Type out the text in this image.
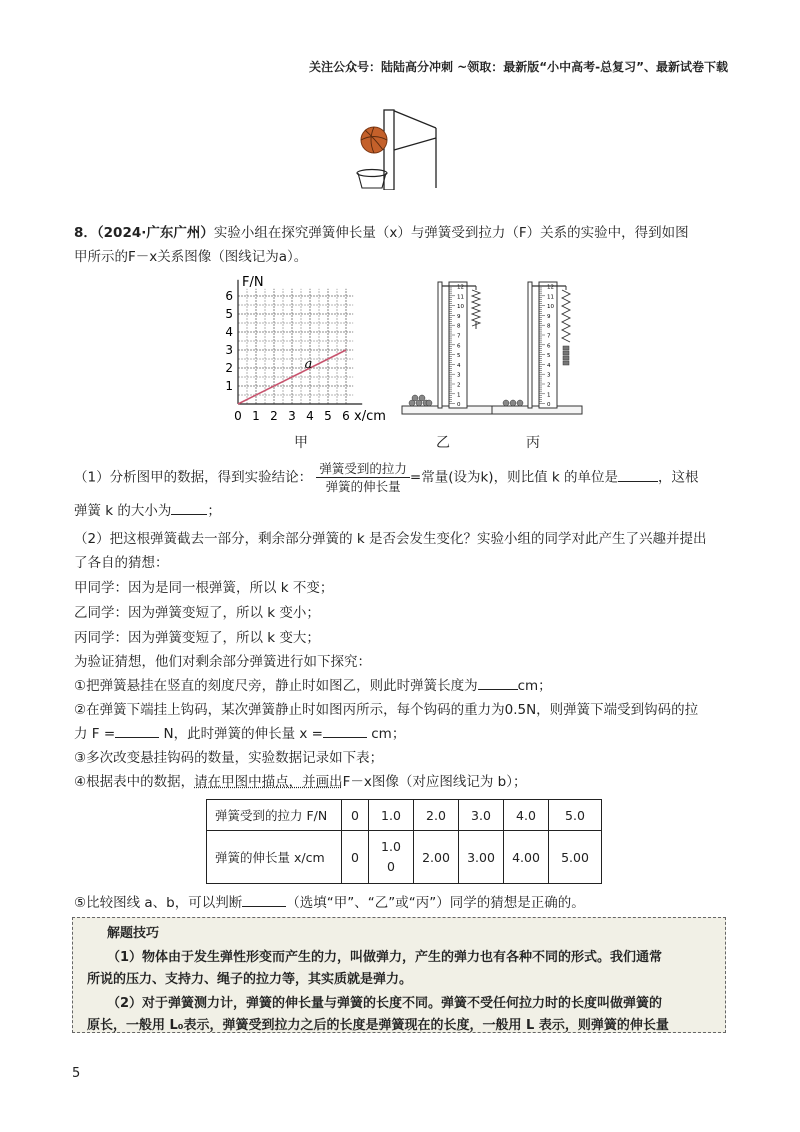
关注公众号：陆陆高分冲刺 ~领取：最新版“小中高考-总复习”、最新试卷下载
8．（2024·广东广州）实验小组在探究弹簧伸长量（x）与弹簧受到拉力（F）关系的实验中，得到如图
甲所示的F－x关系图像（图线记为a）。
0 1 2 3 4 5 6
1
2
3
4
5
6
a
F/N
x/cm
甲
12
11
10
9
8
7
6
5
4
3
2
1
0
乙
12
11
10
9
8
7
6
5
4
3
2
1
0
丙
（1）分析图甲的数据，得到实验结论： $\frac{\text{弹簧受到的拉力}}{\text{弹簧的伸长量}}$ =常量(设为k)，则比值 k 的单位是	，这根
弹簧 k 的大小为	；
（2）把这根弹簧截去一部分，剩余部分弹簧的 k 是否会发生变化？实验小组的同学对此产生了兴趣并提出
了各自的猜想：
甲同学：因为是同一根弹簧，所以 k 不变；
乙同学：因为弹簧变短了，所以 k 变小；
丙同学：因为弹簧变短了，所以 k 变大；
为验证猜想，他们对剩余部分弹簧进行如下探究：
①把弹簧悬挂在竖直的刻度尺旁，静止时如图乙，则此时弹簧长度为	cm；
②在弹簧下端挂上钩码，某次弹簧静止时如图丙所示，每个钩码的重力为0.5N，则弹簧下端受到钩码的拉
力 F =	N，此时弹簧的伸长量 x =	cm；
③多次改变悬挂钩码的数量，实验数据记录如下表；
④根据表中的数据，请在甲图中描点，并画出F－x图像（对应图线记为 b）；
弹簧受到的拉力 F/N	0	1.0	2.0	3.0	4.0	5.0
弹簧的伸长量 x/cm	0	1.0
0	2.00	3.00	4.00	5.00
⑤比较图线 a、b，可以判断	（选填“甲”、“乙”或“丙”）同学的猜想是正确的。
解题技巧
（1）物体由于发生弹性形变而产生的力，叫做弹力，产生的弹力也有各种不同的形式。我们通常
所说的压力、支持力、绳子的拉力等，其实质就是弹力。
（2）对于弹簧测力计，弹簧的伸长量与弹簧的长度不同。弹簧不受任何拉力时的长度叫做弹簧的
原长，一般用 L₀表示，弹簧受到拉力之后的长度是弹簧现在的长度，一般用 L 表示，则弹簧的伸长量
5
